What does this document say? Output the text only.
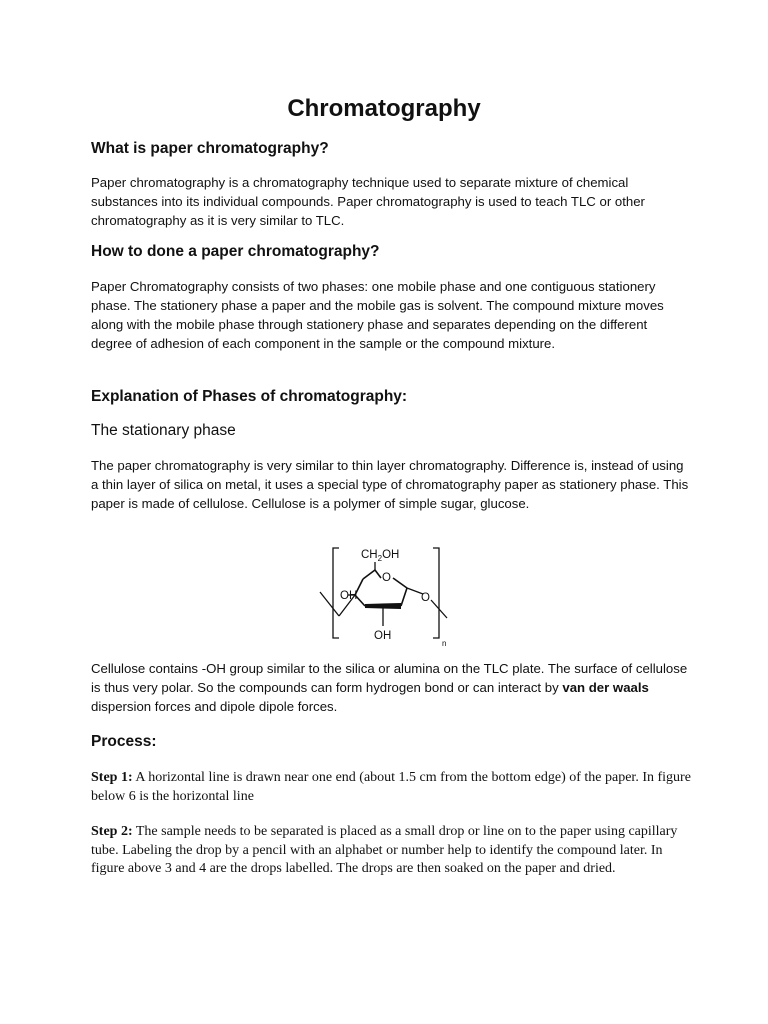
Chromatography
What is paper chromatography?

Paper chromatography is a chromatography technique used to separate mixture of chemical substances into its individual compounds. Paper chromatography is used to teach TLC or other chromatography as it is very similar to TLC.

How to done a paper chromatography?

Paper Chromatography consists of two phases: one mobile phase and one contiguous stationery phase. The stationery phase a paper and the mobile gas is solvent. The compound mixture moves along with the mobile phase through stationery phase and separates depending on the different degree of adhesion of each component in the sample or the compound mixture.

Explanation of Phases of chromatography:
The stationary phase

The paper chromatography is very similar to thin layer chromatography. Difference is, instead of using a thin layer of silica on metal, it uses a special type of chromatography paper as stationery phase. This paper is made of cellulose. Cellulose is a polymer of simple sugar, glucose.

$CH_2OH$
O
OH
OH
O
n

Cellulose contains -OH group similar to the silica or alumina on the TLC plate. The surface of cellulose is thus very polar. So the compounds can form hydrogen bond or can interact by van der waals dispersion forces and dipole dipole forces.

Process:

Step 1: A horizontal line is drawn near one end (about 1.5 cm from the bottom edge) of the paper. In figure below 6 is the horizontal line

Step 2: The sample needs to be separated is placed as a small drop or line on to the paper using capillary tube. Labeling the drop by a pencil with an alphabet or number help to identify the compound later. In figure above 3 and 4 are the drops labelled. The drops are then soaked on the paper and dried.
